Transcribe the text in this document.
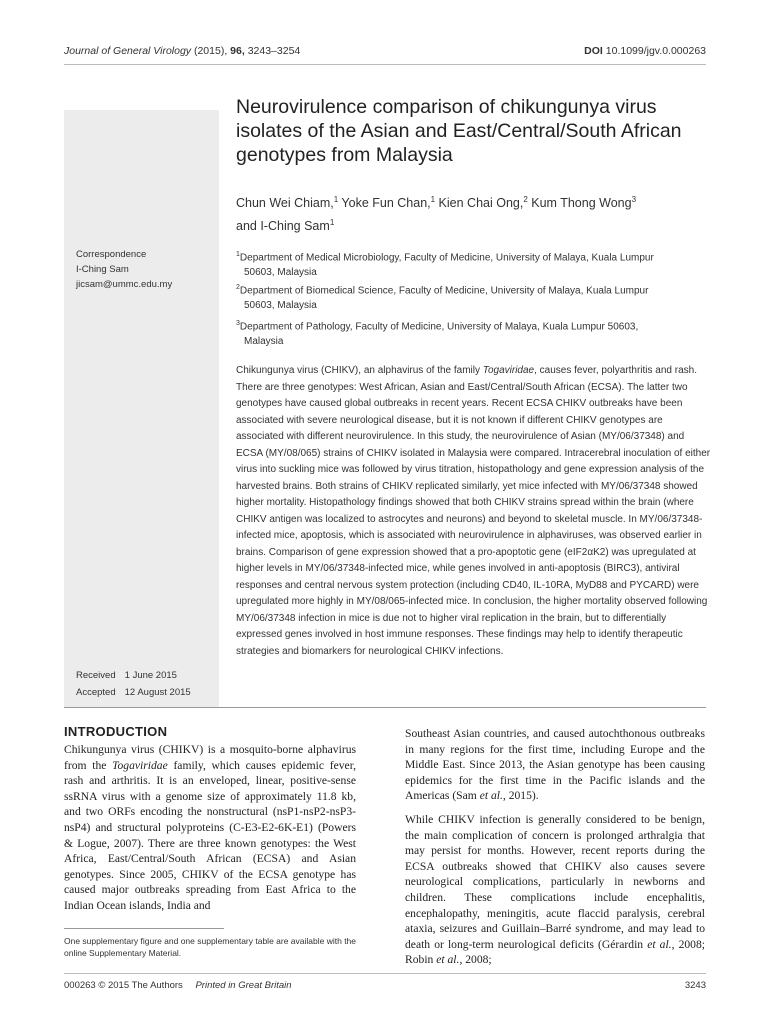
Journal of General Virology (2015), 96, 3243–3254	DOI 10.1099/jgv.0.000263
Correspondence
I-Ching Sam
jicsam@ummc.edu.my
Received 1 June 2015
Accepted 12 August 2015
Neurovirulence comparison of chikungunya virus isolates of the Asian and East/Central/South African genotypes from Malaysia
Chun Wei Chiam,$^1$ Yoke Fun Chan,$^1$ Kien Chai Ong,$^2$ Kum Thong Wong$^3$
and I-Ching Sam$^1$
$^1$Department of Medical Microbiology, Faculty of Medicine, University of Malaya, Kuala Lumpur
50603, Malaysia
$^2$Department of Biomedical Science, Faculty of Medicine, University of Malaya, Kuala Lumpur
50603, Malaysia
$^3$Department of Pathology, Faculty of Medicine, University of Malaya, Kuala Lumpur 50603,
Malaysia
Chikungunya virus (CHIKV), an alphavirus of the family Togaviridae, causes fever, polyarthritis and rash. There are three genotypes: West African, Asian and East/Central/South African (ECSA). The latter two genotypes have caused global outbreaks in recent years. Recent ECSA CHIKV outbreaks have been associated with severe neurological disease, but it is not known if different CHIKV genotypes are associated with different neurovirulence. In this study, the neurovirulence of Asian (MY/06/37348) and ECSA (MY/08/065) strains of CHIKV isolated in Malaysia were compared. Intracerebral inoculation of either virus into suckling mice was followed by virus titration, histopathology and gene expression analysis of the harvested brains. Both strains of CHIKV replicated similarly, yet mice infected with MY/06/37348 showed higher mortality. Histopathology findings showed that both CHIKV strains spread within the brain (where CHIKV antigen was localized to astrocytes and neurons) and beyond to skeletal muscle. In MY/06/37348-infected mice, apoptosis, which is associated with neurovirulence in alphaviruses, was observed earlier in brains. Comparison of gene expression showed that a pro-apoptotic gene (eIF2αK2) was upregulated at higher levels in MY/06/37348-infected mice, while genes involved in anti-apoptosis (BIRC3), antiviral responses and central nervous system protection (including CD40, IL-10RA, MyD88 and PYCARD) were upregulated more highly in MY/08/065-infected mice. In conclusion, the higher mortality observed following MY/06/37348 infection in mice is due not to higher viral replication in the brain, but to differentially expressed genes involved in host immune responses. These findings may help to identify therapeutic strategies and biomarkers for neurological CHIKV infections.
INTRODUCTION

Chikungunya virus (CHIKV) is a mosquito-borne alphavirus from the Togaviridae family, which causes epidemic fever, rash and arthritis. It is an enveloped, linear, positive-sense ssRNA virus with a genome size of approximately 11.8 kb, and two ORFs encoding the nonstructural (nsP1-nsP2-nsP3-nsP4) and structural polyproteins (C-E3-E2-6K-E1) (Powers & Logue, 2007). There are three known genotypes: the West Africa, East/Central/South African (ECSA) and Asian genotypes. Since 2005, CHIKV of the ECSA genotype has caused major outbreaks spreading from East Africa to the Indian Ocean islands, India and

Southeast Asian countries, and caused autochthonous outbreaks in many regions for the first time, including Europe and the Middle East. Since 2013, the Asian genotype has been causing epidemics for the first time in the Pacific islands and the Americas (Sam et al., 2015).

While CHIKV infection is generally considered to be benign, the main complication of concern is prolonged arthralgia that may persist for months. However, recent reports during the ECSA outbreaks showed that CHIKV also causes severe neurological complications, particularly in newborns and children. These complications include encephalitis, encephalopathy, meningitis, acute flaccid paralysis, cerebral ataxia, seizures and Guillain–Barré syndrome, and may lead to death or long-term neurological deficits (Gérardin et al., 2008; Robin et al., 2008;

One supplementary figure and one supplementary table are available with the online Supplementary Material.
000263 © 2015 The Authors Printed in Great Britain	3243
